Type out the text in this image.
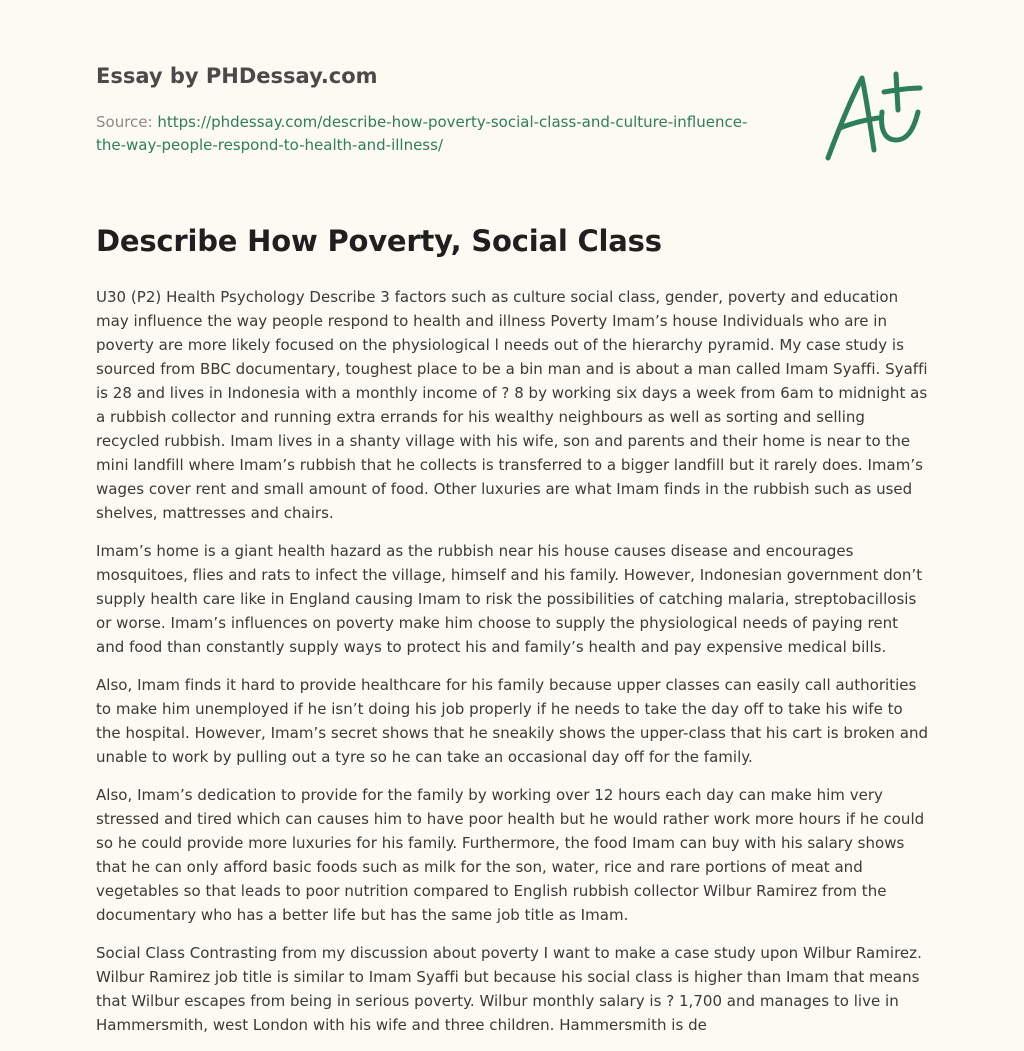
Essay by PHDessay.com
Source: https://phdessay.com/describe-how-poverty-social-class-and-culture-influence-the-way-people-respond-to-health-and-illness/
Describe How Poverty, Social Class

U30 (P2) Health Psychology Describe 3 factors such as culture social class, gender, poverty and education may influence the way people respond to health and illness Poverty Imam’s house Individuals who are in poverty are more likely focused on the physiological l needs out of the hierarchy pyramid. My case study is sourced from BBC documentary, toughest place to be a bin man and is about a man called Imam Syaffi. Syaffi is 28 and lives in Indonesia with a monthly income of ? 8 by working six days a week from 6am to midnight as a rubbish collector and running extra errands for his wealthy neighbours as well as sorting and selling recycled rubbish. Imam lives in a shanty village with his wife, son and parents and their home is near to the mini landfill where Imam’s rubbish that he collects is transferred to a bigger landfill but it rarely does. Imam’s wages cover rent and small amount of food. Other luxuries are what Imam finds in the rubbish such as used shelves, mattresses and chairs.

Imam’s home is a giant health hazard as the rubbish near his house causes disease and encourages mosquitoes, flies and rats to infect the village, himself and his family. However, Indonesian government don’t supply health care like in England causing Imam to risk the possibilities of catching malaria, streptobacillosis or worse. Imam’s influences on poverty make him choose to supply the physiological needs of paying rent and food than constantly supply ways to protect his and family’s health and pay expensive medical bills.

Also, Imam finds it hard to provide healthcare for his family because upper classes can easily call authorities to make him unemployed if he isn’t doing his job properly if he needs to take the day off to take his wife to the hospital. However, Imam’s secret shows that he sneakily shows the upper-class that his cart is broken and unable to work by pulling out a tyre so he can take an occasional day off for the family.

Also, Imam’s dedication to provide for the family by working over 12 hours each day can make him very stressed and tired which can causes him to have poor health but he would rather work more hours if he could so he could provide more luxuries for his family. Furthermore, the food Imam can buy with his salary shows that he can only afford basic foods such as milk for the son, water, rice and rare portions of meat and vegetables so that leads to poor nutrition compared to English rubbish collector Wilbur Ramirez from the documentary who has a better life but has the same job title as Imam.

Social Class Contrasting from my discussion about poverty I want to make a case study upon Wilbur Ramirez. Wilbur Ramirez job title is similar to Imam Syaffi but because his social class is higher than Imam that means that Wilbur escapes from being in serious poverty. Wilbur monthly salary is ? 1,700 and manages to live in Hammersmith, west London with his wife and three children. Hammersmith is de
